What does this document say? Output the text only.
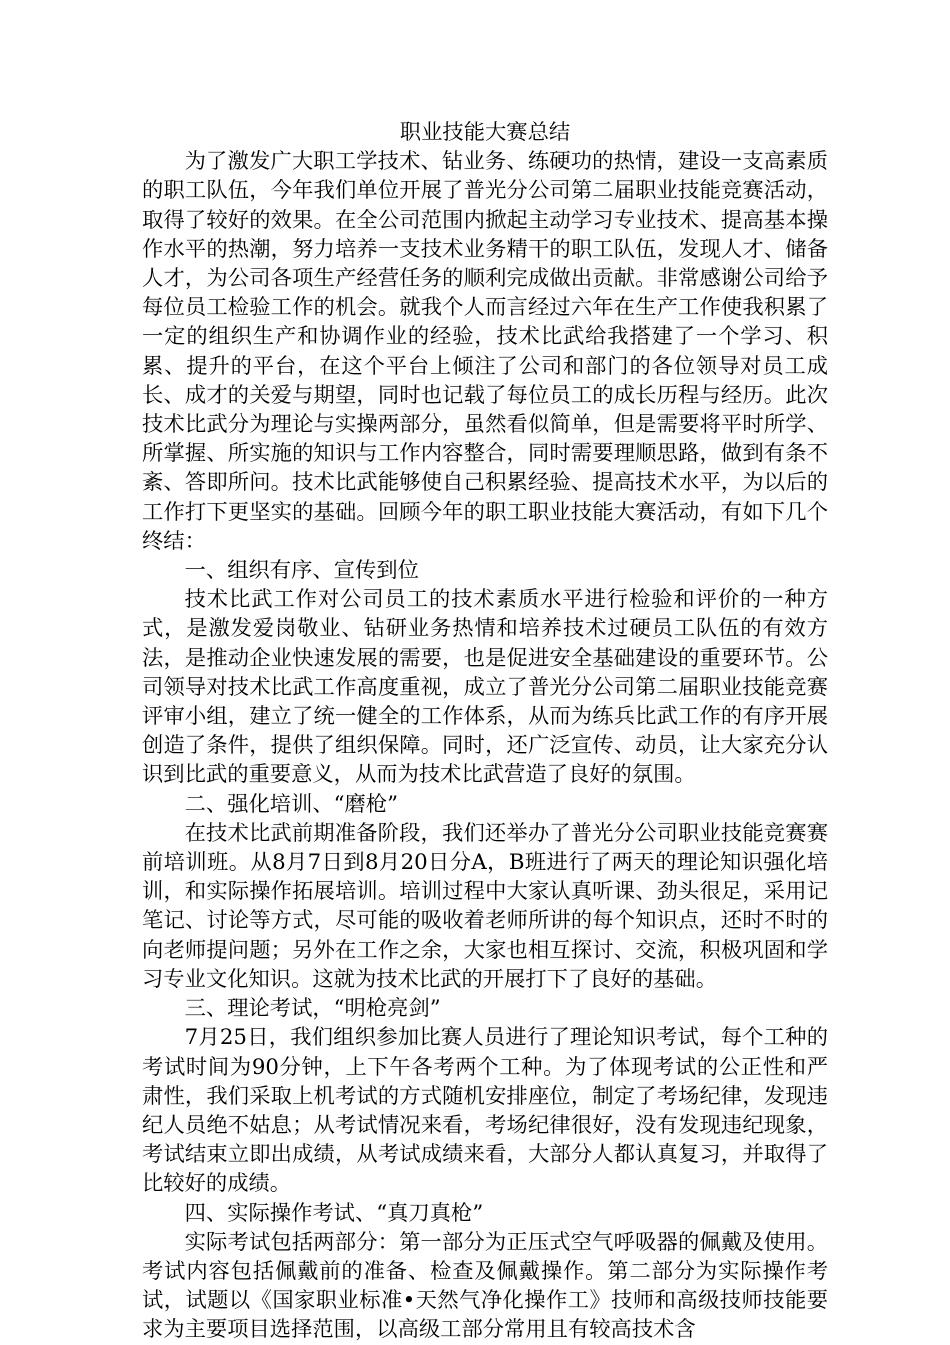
职业技能大赛总结

为了激发广大职工学技术、钻业务、练硬功的热情，建设一支高素质的职工队伍，今年我们单位开展了普光分公司第二届职业技能竞赛活动，取得了较好的效果。在全公司范围内掀起主动学习专业技术、提高基本操作水平的热潮，努力培养一支技术业务精干的职工队伍，发现人才、储备人才，为公司各项生产经营任务的顺利完成做出贡献。非常感谢公司给予每位员工检验工作的机会。就我个人而言经过六年在生产工作使我积累了一定的组织生产和协调作业的经验，技术比武给我搭建了一个学习、积累、提升的平台，在这个平台上倾注了公司和部门的各位领导对员工成长、成才的关爱与期望，同时也记载了每位员工的成长历程与经历。此次技术比武分为理论与实操两部分，虽然看似简单，但是需要将平时所学、所掌握、所实施的知识与工作内容整合，同时需要理顺思路，做到有条不紊、答即所问。技术比武能够使自己积累经验、提高技术水平，为以后的工作打下更坚实的基础。回顾今年的职工职业技能大赛活动，有如下几个终结：

一、组织有序、宣传到位

技术比武工作对公司员工的技术素质水平进行检验和评价的一种方式，是激发爱岗敬业、钻研业务热情和培养技术过硬员工队伍的有效方法，是推动企业快速发展的需要，也是促进安全基础建设的重要环节。公司领导对技术比武工作高度重视，成立了普光分公司第二届职业技能竞赛评审小组，建立了统一健全的工作体系，从而为练兵比武工作的有序开展创造了条件，提供了组织保障。同时，还广泛宣传、动员，让大家充分认识到比武的重要意义，从而为技术比武营造了良好的氛围。

二、强化培训、“磨枪”

在技术比武前期准备阶段，我们还举办了普光分公司职业技能竞赛赛前培训班。从8月7日到8月20日分A，B班进行了两天的理论知识强化培训，和实际操作拓展培训。培训过程中大家认真听课、劲头很足，采用记笔记、讨论等方式，尽可能的吸收着老师所讲的每个知识点，还时不时的向老师提问题；另外在工作之余，大家也相互探讨、交流，积极巩固和学习专业文化知识。这就为技术比武的开展打下了良好的基础。

三、理论考试，“明枪亮剑”

7月25日，我们组织参加比赛人员进行了理论知识考试，每个工种的考试时间为90分钟，上下午各考两个工种。为了体现考试的公正性和严肃性，我们采取上机考试的方式随机安排座位，制定了考场纪律，发现违纪人员绝不姑息；从考试情况来看，考场纪律很好，没有发现违纪现象，考试结束立即出成绩，从考试成绩来看，大部分人都认真复习，并取得了比较好的成绩。

四、实际操作考试、“真刀真枪”

实际考试包括两部分：第一部分为正压式空气呼吸器的佩戴及使用。考试内容包括佩戴前的准备、检查及佩戴操作。第二部分为实际操作考试，试题以《国家职业标准•天然气净化操作工》技师和高级技师技能要求为主要项目选择范围，以高级工部分常用且有较高技术含
